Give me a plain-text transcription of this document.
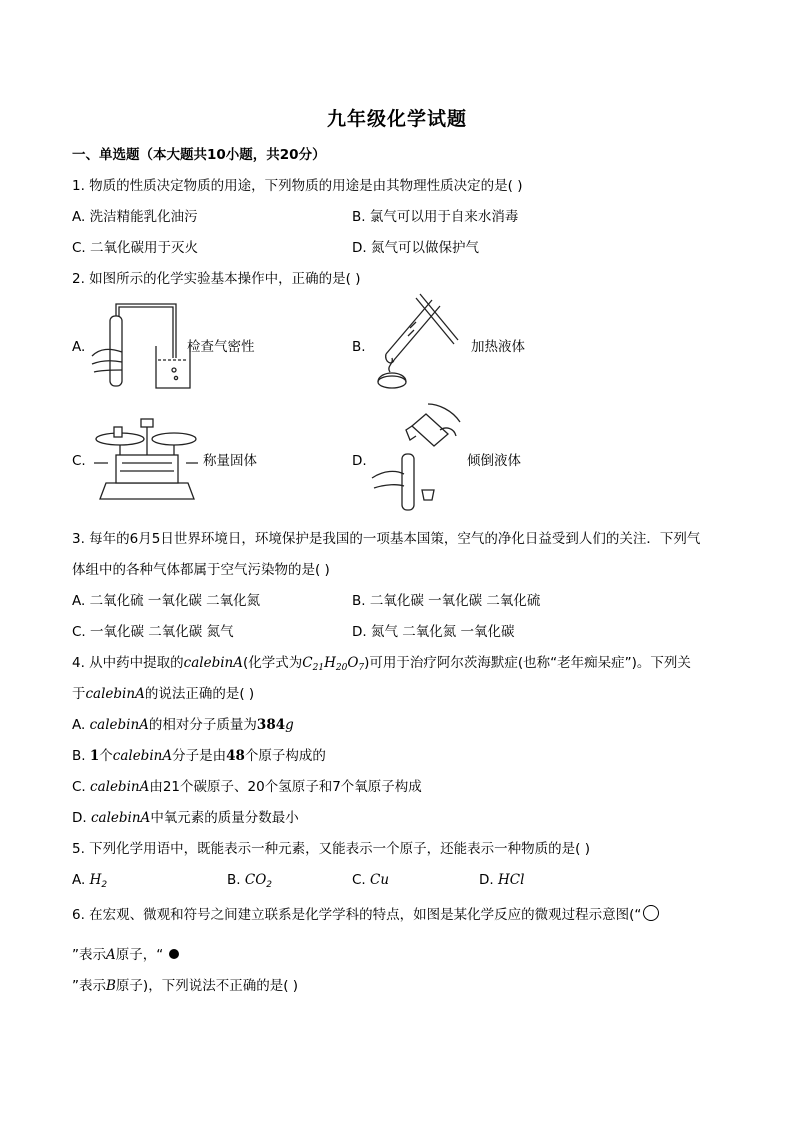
九年级化学试题
一、单选题（本大题共10小题，共20分）
1. 物质的性质决定物质的用途，下列物质的用途是由其物理性质决定的是( )
A. 洗洁精能乳化油污	B. 氯气可以用于自来水消毒
C. 二氧化碳用于灭火	D. 氮气可以做保护气
2. 如图所示的化学实验基本操作中，正确的是( )
A.	检查气密性	B.	加热液体
C.	称量固体	D.	倾倒液体
3. 每年的6月5日世界环境日，环境保护是我国的一项基本国策，空气的净化日益受到人们的关注．下列气
体组中的各种气体都属于空气污染物的是( )
A. 二氧化硫 一氧化碳 二氧化氮	B. 二氧化碳 一氧化碳 二氧化硫
C. 一氧化碳 二氧化碳 氮气	D. 氮气 二氧化氮 一氧化碳
4. 从中药中提取的calebinA(化学式为$C_{21}H_{20}O_7$)可用于治疗阿尔茨海默症(也称“老年痴呆症”)。下列关
于calebinA的说法正确的是( )
A. calebinA的相对分子质量为384g
B. 1个calebinA分子是由48个原子构成的
C. calebinA由21个碳原子、20个氢原子和7个氧原子构成
D. calebinA中氧元素的质量分数最小
5. 下列化学用语中，既能表示一种元素，又能表示一个原子，还能表示一种物质的是( )
A. $H_2$	B. $CO_2$	C. Cu	D. HCl
6. 在宏观、微观和符号之间建立联系是化学学科的特点，如图是某化学反应的微观过程示意图(“
”表示A原子，“
”表示B原子)，下列说法不正确的是( )
